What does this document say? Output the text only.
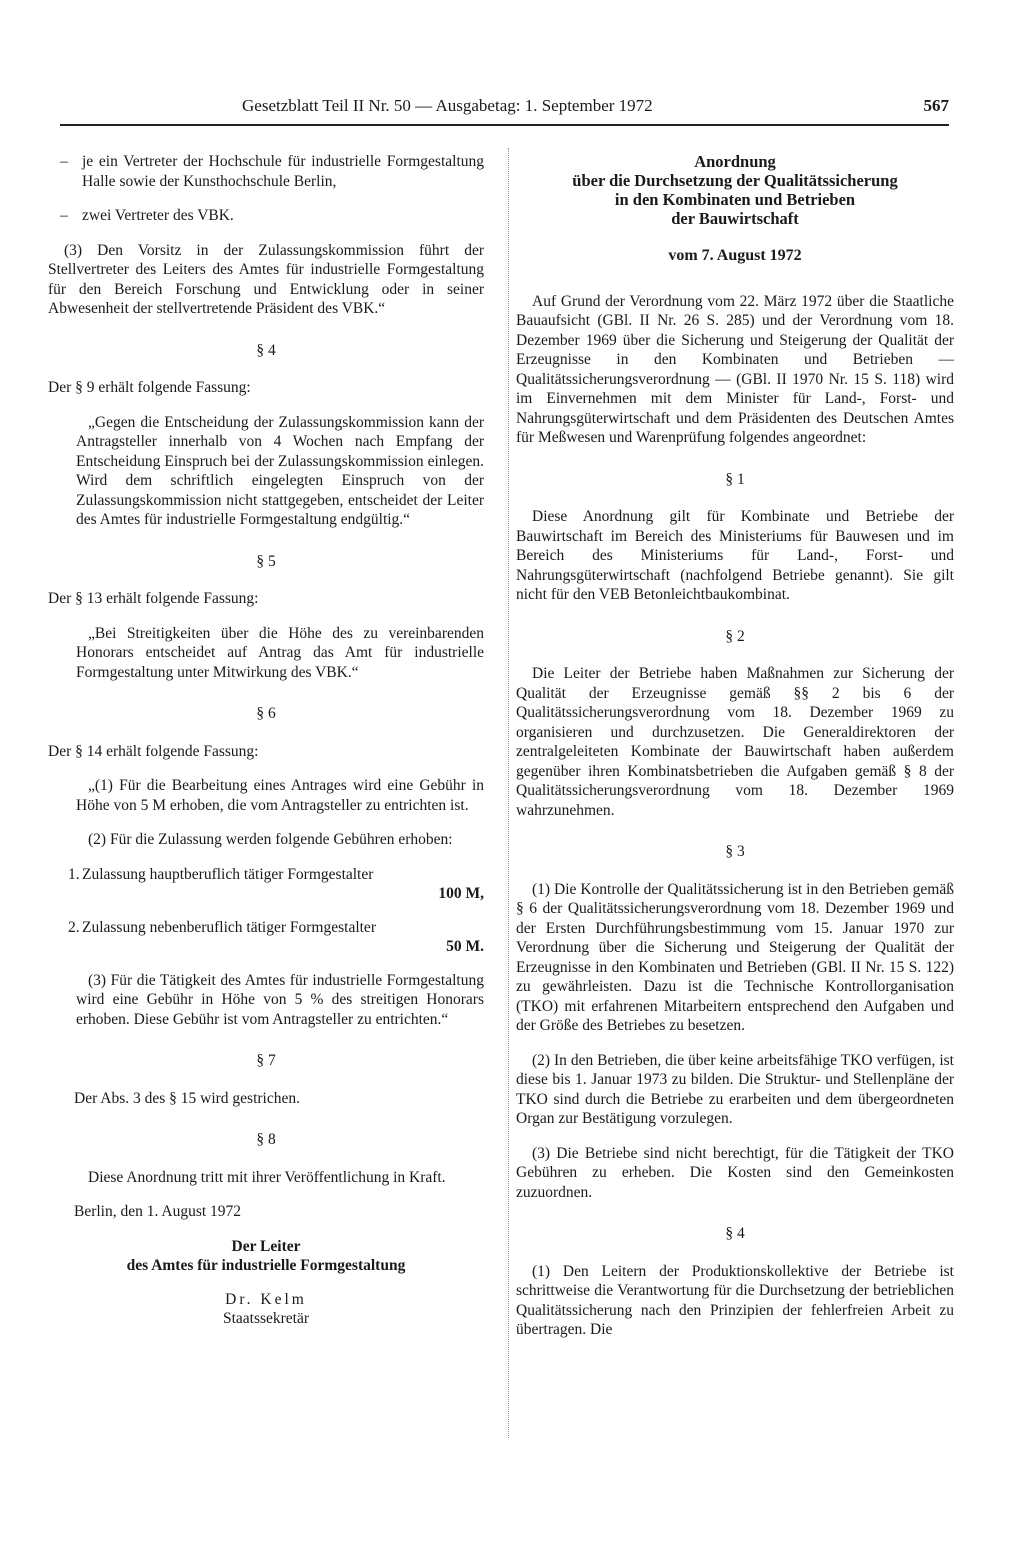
Gesetzblatt Teil II Nr. 50 — Ausgabetag: 1. September 1972	567
– je ein Vertreter der Hochschule für industrielle Formgestaltung Halle sowie der Kunsthochschule Berlin,
– zwei Vertreter des VBK.

(3) Den Vorsitz in der Zulassungskommission führt der Stellvertreter des Leiters des Amtes für industrielle Formgestaltung für den Bereich Forschung und Entwicklung oder in seiner Abwesenheit der stellvertretende Präsident des VBK.“

§ 4

Der § 9 erhält folgende Fassung:

„Gegen die Entscheidung der Zulassungskommission kann der Antragsteller innerhalb von 4 Wochen nach Empfang der Entscheidung Einspruch bei der Zulassungskommission einlegen. Wird dem schriftlich eingelegten Einspruch von der Zulassungskommission nicht stattgegeben, entscheidet der Leiter des Amtes für industrielle Formgestaltung endgültig.“

§ 5

Der § 13 erhält folgende Fassung:

„Bei Streitigkeiten über die Höhe des zu vereinbarenden Honorars entscheidet auf Antrag das Amt für industrielle Formgestaltung unter Mitwirkung des VBK.“

§ 6

Der § 14 erhält folgende Fassung:

„(1) Für die Bearbeitung eines Antrages wird eine Gebühr in Höhe von 5 M erhoben, die vom Antragsteller zu entrichten ist.

(2) Für die Zulassung werden folgende Gebühren erhoben:

1. Zulassung hauptberuflich tätiger Formgestalter
100 M,
2. Zulassung nebenberuflich tätiger Formgestalter
50 M.

(3) Für die Tätigkeit des Amtes für industrielle Formgestaltung wird eine Gebühr in Höhe von 5 % des streitigen Honorars erhoben. Diese Gebühr ist vom Antragsteller zu entrichten.“

§ 7

Der Abs. 3 des § 15 wird gestrichen.

§ 8

Diese Anordnung tritt mit ihrer Veröffentlichung in Kraft.

Berlin, den 1. August 1972

Der Leiter
des Amtes für industrielle Formgestaltung
Dr. Kelm
Staatssekretär
Anordnung
über die Durchsetzung der Qualitätssicherung
in den Kombinaten und Betrieben
der Bauwirtschaft
vom 7. August 1972

Auf Grund der Verordnung vom 22. März 1972 über die Staatliche Bauaufsicht (GBl. II Nr. 26 S. 285) und der Verordnung vom 18. Dezember 1969 über die Sicherung und Steigerung der Qualität der Erzeugnisse in den Kombinaten und Betrieben — Qualitätssicherungsverordnung — (GBl. II 1970 Nr. 15 S. 118) wird im Einvernehmen mit dem Minister für Land-, Forst- und Nahrungsgüterwirtschaft und dem Präsidenten des Deutschen Amtes für Meßwesen und Warenprüfung folgendes angeordnet:

§ 1

Diese Anordnung gilt für Kombinate und Betriebe der Bauwirtschaft im Bereich des Ministeriums für Bauwesen und im Bereich des Ministeriums für Land-, Forst- und Nahrungsgüterwirtschaft (nachfolgend Betriebe genannt). Sie gilt nicht für den VEB Betonleichtbaukombinat.

§ 2

Die Leiter der Betriebe haben Maßnahmen zur Sicherung der Qualität der Erzeugnisse gemäß §§ 2 bis 6 der Qualitätssicherungsverordnung vom 18. Dezember 1969 zu organisieren und durchzusetzen. Die Generaldirektoren der zentralgeleiteten Kombinate der Bauwirtschaft haben außerdem gegenüber ihren Kombinatsbetrieben die Aufgaben gemäß § 8 der Qualitätssicherungsverordnung vom 18. Dezember 1969 wahrzunehmen.

§ 3

(1) Die Kontrolle der Qualitätssicherung ist in den Betrieben gemäß § 6 der Qualitätssicherungsverordnung vom 18. Dezember 1969 und der Ersten Durchführungsbestimmung vom 15. Januar 1970 zur Verordnung über die Sicherung und Steigerung der Qualität der Erzeugnisse in den Kombinaten und Betrieben (GBl. II Nr. 15 S. 122) zu gewährleisten. Dazu ist die Technische Kontrollorganisation (TKO) mit erfahrenen Mitarbeitern entsprechend den Aufgaben und der Größe des Betriebes zu besetzen.

(2) In den Betrieben, die über keine arbeitsfähige TKO verfügen, ist diese bis 1. Januar 1973 zu bilden. Die Struktur- und Stellenpläne der TKO sind durch die Betriebe zu erarbeiten und dem übergeordneten Organ zur Bestätigung vorzulegen.

(3) Die Betriebe sind nicht berechtigt, für die Tätigkeit der TKO Gebühren zu erheben. Die Kosten sind den Gemeinkosten zuzuordnen.

§ 4

(1) Den Leitern der Produktionskollektive der Betriebe ist schrittweise die Verantwortung für die Durchsetzung der betrieblichen Qualitätssicherung nach den Prinzipien der fehlerfreien Arbeit zu übertragen. Die
